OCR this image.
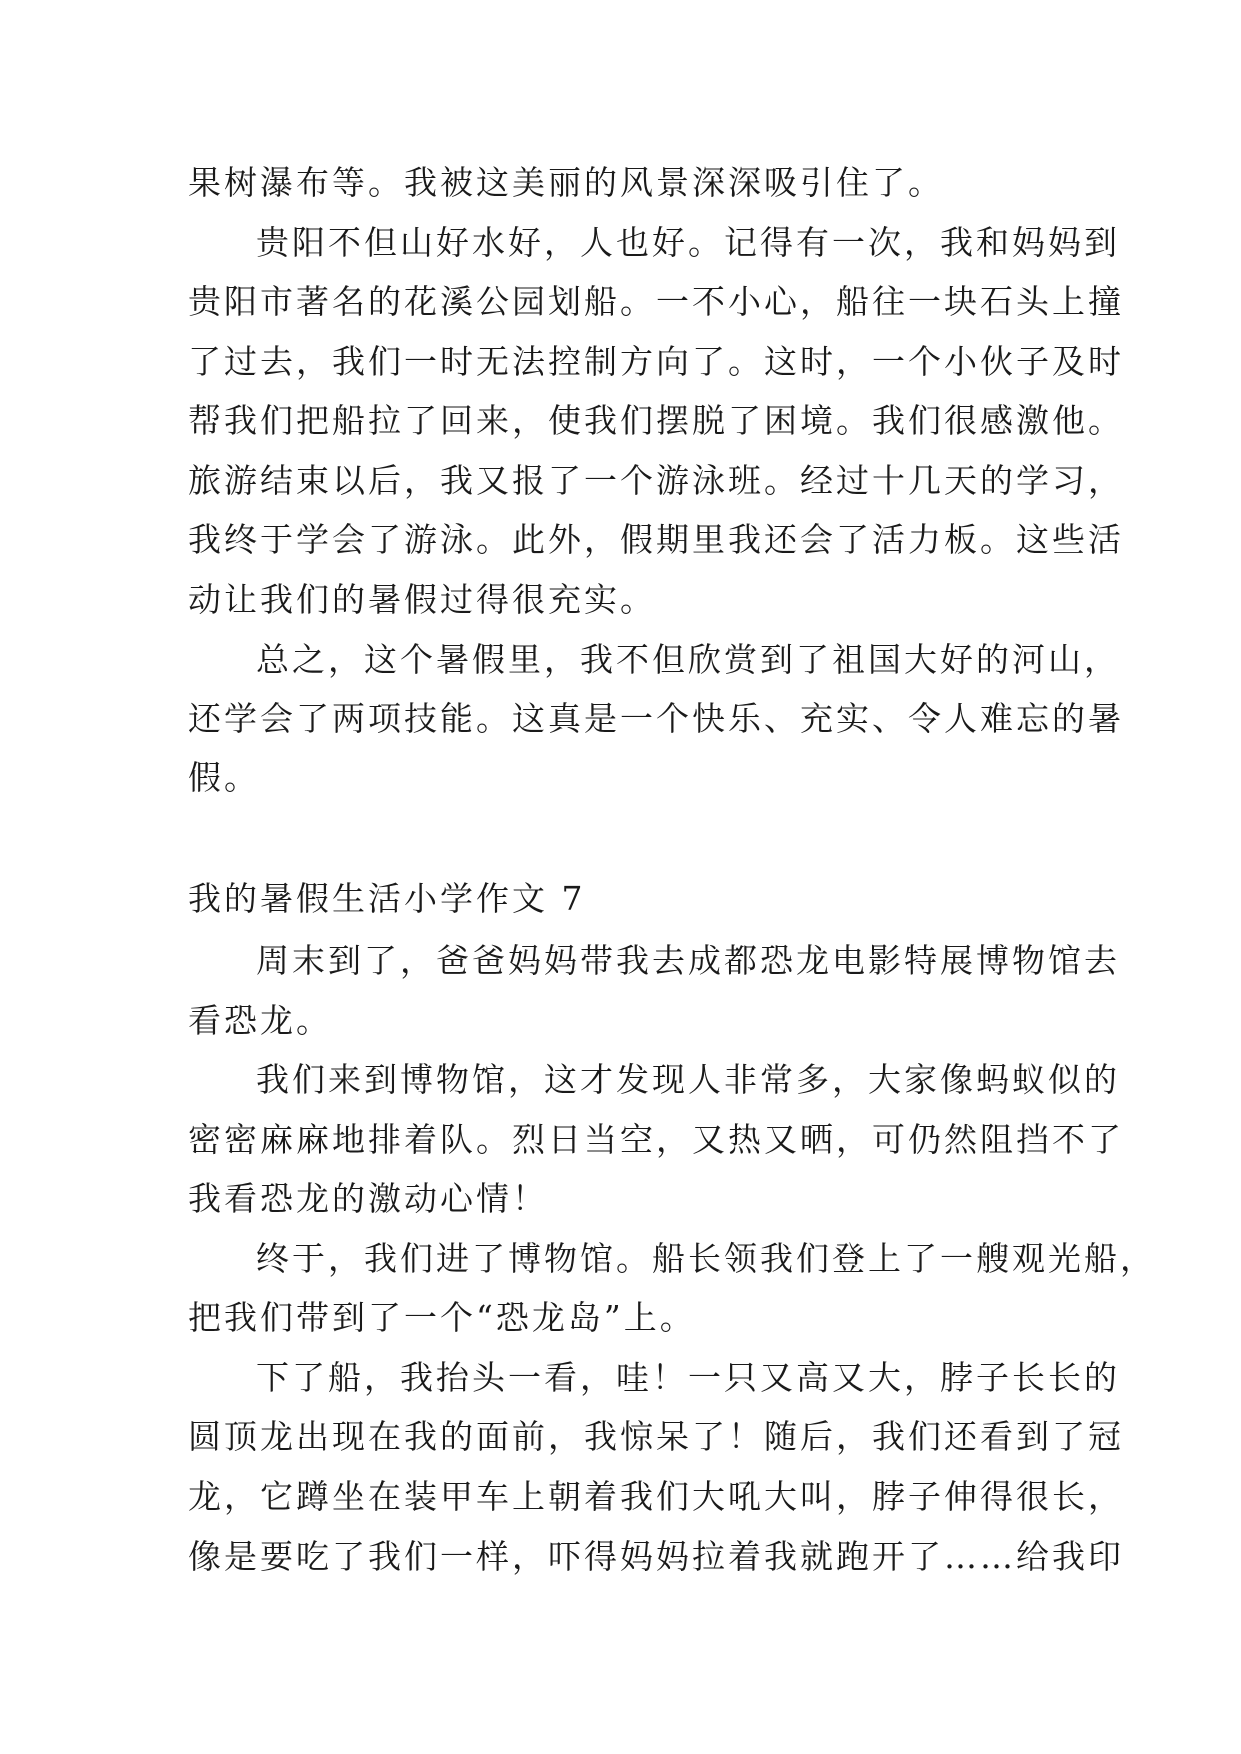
果树瀑布等。我被这美丽的风景深深吸引住了。
贵阳不但山好水好，人也好。记得有一次，我和妈妈到
贵阳市著名的花溪公园划船。一不小心，船往一块石头上撞
了过去，我们一时无法控制方向了。这时，一个小伙子及时
帮我们把船拉了回来，使我们摆脱了困境。我们很感激他。
旅游结束以后，我又报了一个游泳班。经过十几天的学习，
我终于学会了游泳。此外，假期里我还会了活力板。这些活
动让我们的暑假过得很充实。
总之，这个暑假里，我不但欣赏到了祖国大好的河山，
还学会了两项技能。这真是一个快乐、充实、令人难忘的暑
假。
我的暑假生活小学作文 7
周末到了，爸爸妈妈带我去成都恐龙电影特展博物馆去
看恐龙。
我们来到博物馆，这才发现人非常多，大家像蚂蚁似的
密密麻麻地排着队。烈日当空，又热又晒，可仍然阻挡不了
我看恐龙的激动心情！
终于，我们进了博物馆。船长领我们登上了一艘观光船，
把我们带到了一个“恐龙岛”上。
下了船，我抬头一看，哇！一只又高又大，脖子长长的
圆顶龙出现在我的面前，我惊呆了！随后，我们还看到了冠
龙，它蹲坐在装甲车上朝着我们大吼大叫，脖子伸得很长，
像是要吃了我们一样，吓得妈妈拉着我就跑开了……给我印
